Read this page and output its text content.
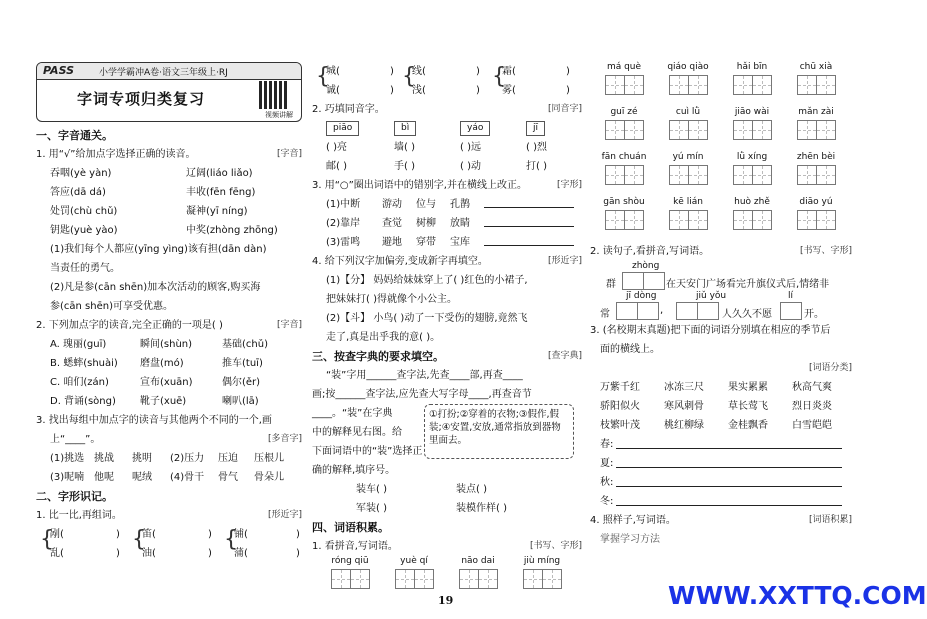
PASS	小学学霸冲A卷·语文三年级上·RJ
字词专项归类复习
视频讲解
一、字音通关。
1. 用“√”给加点字选择正确的读音。	[字音]
吞咽(yè yàn)	辽阔(liáo liǎo)
答应(dā dá)	丰收(fēn fēng)
处罚(chù chǔ)	凝神(yī níng)
钥匙(yuè yào)	中奖(zhòng zhōng)
(1)我们每个人都应(yīng yìng)该有担(dān dàn)
当责任的勇气。
(2)凡是参(cān shēn)加本次活动的顾客,购买海
参(cān shēn)可享受优惠。
2. 下列加点字的读音,完全正确的一项是( )	[字音]
A. 瑰丽(guī)	瞬间(shùn)	基础(chǔ)
B. 蟋蟀(shuài) 磨盘(mó)	推车(tuī)
C. 咱们(zán)	宣布(xuān)	偶尔(ěr)
D. 背诵(sòng) 靴子(xuē)	喇叭(lā)
3. 找出每组中加点字的读音与其他两个不同的一个,画
上“____”。	[多音字]
(1)挑选 挑战 挑明 (2)压力 压迫 压根儿
(3)呢喃 他呢 呢绒 (4)骨干 骨气 骨朵儿
二、字形识记。
1. 比一比,再组词。	[形近字]
{
剐(	) {
笛(	) {
铺(	)
乱(	) 油(	) 蒲(	)
{
城(	) {
线(	) {
霜(	)
诚(	) 浅(	) 雾(	)
2. 巧填同音字。	[同音字]
piāo	bì	yáo	jī
( )亮	墙( )	( )远	( )烈
邮( )	手( )	( )动	打( )
3. 用“○”圈出词语中的错别字,并在横线上改正。	[字形]
(1)中断 游动 位与 孔鹊
(2)靠岸 查觉 树柳 放睛
(3)雷鸣 避地 穿带 宝库
4. 给下列汉字加偏旁,变成新字再填空。	[形近字]
(1)【分】 妈妈给妹妹穿上了( )红色的小裙子,
把妹妹打( )得就像个小公主。
(2)【斗】 小鸟( )动了一下受伤的翅膀,竟然飞
走了,真是出乎我的意( )。
三、按查字典的要求填空。	[查字典]
“装”字用______查字法,先查____部,再查____
画;按______查字法,应先查大写字母____,再查音节
____。“装”在字典
中的解释见右图。给
下面词语中的“装”选择正
确的解释,填序号。
①打扮;②穿着的衣物;③假作,假装;④安置,安放,通常指放到器物里面去。
装车( )	装点( )
军装( )	装模作样( )
四、词语积累。
1. 看拼音,写词语。	[书写、字形]
róng qiū	yuè qí	nāo dai	jiù míng
má què	qiáo qiào	hǎi bīn	chū xià
guī zé	cuì lǜ	jiāo wài	mǎn zài
fān chuán	yú mín	lǜ xíng	zhēn bèi
gān shòu	kē lián	huò zhě	diāo yú
2. 读句子,看拼音,写词语。	[书写、字形]
zhòng
群	在天安门广场看完升旗仪式后,情绪非
jī dòng	jiǔ yǒu	lí
常	,	人久久不愿	开。
3. (名校期末真题)把下面的词语分别填在相应的季节后
面的横线上。
[词语分类]
万紫千红 冰冻三尺 果实累累 秋高气爽
骄阳似火 寒风刺骨 草长莺飞 烈日炎炎
枝繁叶茂 桃红柳绿 金桂飘香 白雪皑皑
春:
夏:
秋:
冬:
4. 照样子,写词语。	[词语积累]
掌握学习方法
19	WWW.XXTTQ.COM
